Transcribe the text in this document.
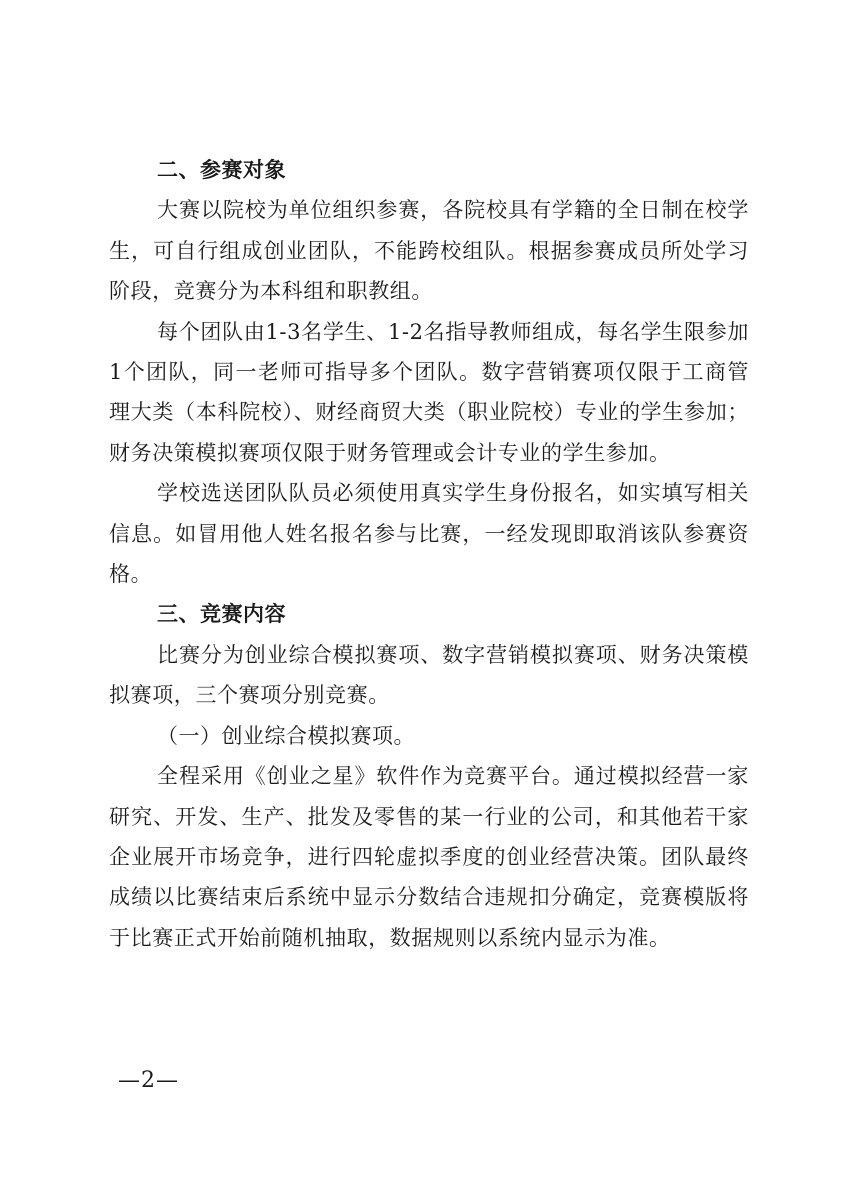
二、参赛对象

大赛以院校为单位组织参赛，各院校具有学籍的全日制在校学生，可自行组成创业团队，不能跨校组队。根据参赛成员所处学习阶段，竞赛分为本科组和职教组。

每个团队由1-3名学生、1-2名指导教师组成，每名学生限参加1个团队，同一老师可指导多个团队。数字营销赛项仅限于工商管理大类（本科院校）、财经商贸大类（职业院校）专业的学生参加；财务决策模拟赛项仅限于财务管理或会计专业的学生参加。

学校选送团队队员必须使用真实学生身份报名，如实填写相关信息。如冒用他人姓名报名参与比赛，一经发现即取消该队参赛资格。

三、竞赛内容

比赛分为创业综合模拟赛项、数字营销模拟赛项、财务决策模拟赛项，三个赛项分别竞赛。

（一）创业综合模拟赛项。

全程采用《创业之星》软件作为竞赛平台。通过模拟经营一家研究、开发、生产、批发及零售的某一行业的公司，和其他若干家企业展开市场竞争，进行四轮虚拟季度的创业经营决策。团队最终成绩以比赛结束后系统中显示分数结合违规扣分确定，竞赛模版将于比赛正式开始前随机抽取，数据规则以系统内显示为准。

—2—
